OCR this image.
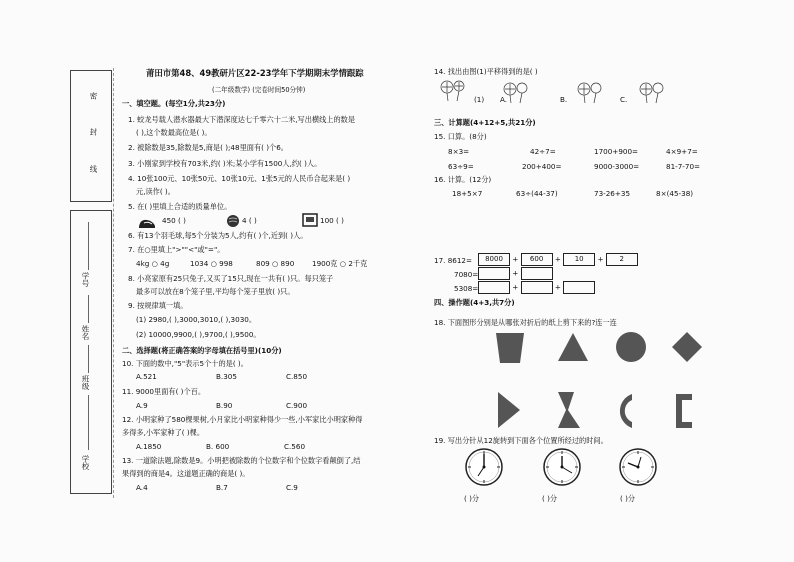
密
封
线
学校
班级
姓名
学号
莆田市第48、49教研片区22-23学年下学期期末学情跟踪
(二年级数学) (完卷时间50分钟)
一、填空题。(每空1分,共23分)
1. 蛟龙号载人潜水器最大下潜深度达七千零六十二米,写出横线上的数是
( ),这个数最高位是( )。
2. 被除数是35,除数是5,商是( );48里面有( )个6。
3. 小刚家到学校有703米,约( )米;某小学有1500人,约( )人。
4. 10张100元、10张50元、10张10元、1张5元的人民币合起来是( )
元,读作( )。
5. 在( )里填上合适的质量单位。
450 ( )	4 ( )	100 ( )
6. 有13个羽毛球,每5个分装为5人,约有( )个,近到( )人。
7. 在○里填上">""<"或"="。
4kg ○ 4g	1034 ○ 998	809 ○ 890 1900克 ○ 2千克
8. 小亮家原有25只兔子,又买了15只,现在一共有( )只。每只笼子
最多可以放在8个笼子里,平均每个笼子里放( )只。
9. 按规律填一填。
(1) 2980,( ),3000,3010,( ),3030。
(2) 10000,9900,( ),9700,( ),9500。
二、选择题(将正确答案的字母填在括号里)(10分)
10. 下面的数中,"5"表示5个十的是( )。
A.521	B.305	C.850
11. 9000里面有( )个百。
A.9	B.90	C.900
12. 小明家种了580棵果树,小月家比小明家种得少一些,小军家比小明家种得
多得多,小军家种了( )棵。
A.1850	B. 600	C.560
13. 一道除法题,除数是9。小明把被除数的个位数字和个位数字看颠倒了,结
果得到的商是4。这道题正确的商是( )。
A.4	B.7	C.9
14. 找出由图(1)平移得到的是( )
(1) A.	B.	C.
三、计算题(4+12+5,共21分)
15. 口算。(8分)
8×3=	42÷7=	1700+900=	4×9+7=
63÷9=	200+400=	9000-3000=	81-7-70=
16. 计算。(12分)
18+5×7	63÷(44-37)	73-26+35	8×(45-38)
17. 8612=	8000 + 600 + 10 + 2
7080=	+
5308=	+	+
四、操作题(4+3,共7分)
18. 下面图形分别是从哪张对折后的纸上剪下来的?连一连
19. 写出分针从12旋转到下面各个位置所经过的时间。
( )分	( )分	( )分
